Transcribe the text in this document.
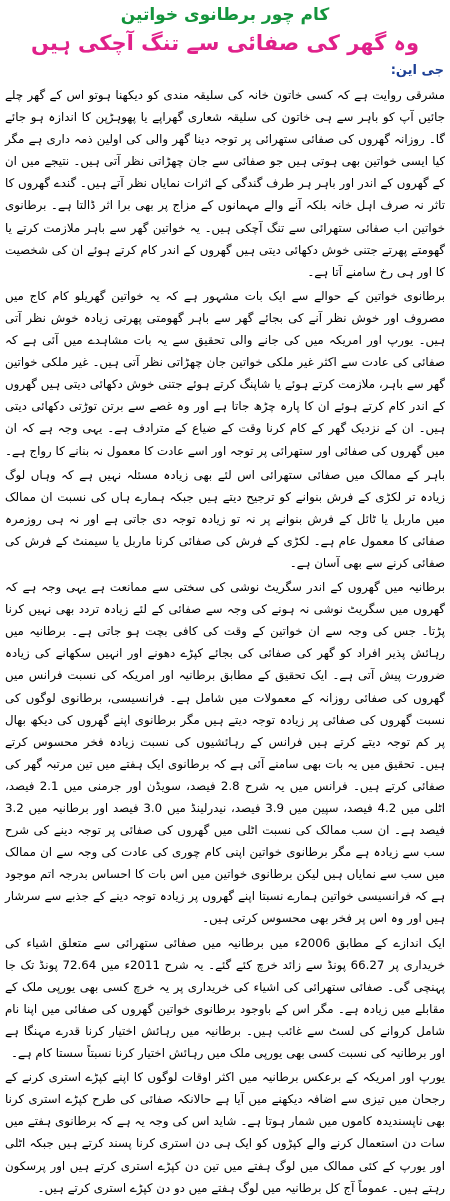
کام چور برطانوی خواتین
وہ گھر کی صفائی سے تنگ آچکی ہیں
جی این:

مشرقی روایت ہے کہ کسی خاتون خانہ کی سلیقہ مندی کو دیکھنا ہوتو اس کے گھر چلے جائیں آپ کو باہر سے ہی خاتون کی سلیقہ شعاری گھراپے یا پھوہڑپن کا اندازہ ہو جائے گا۔ روزانہ گھروں کی صفائی ستھرائی پر توجہ دینا گھر والی کی اولین ذمہ داری ہے مگر کیا ایسی خواتین بھی ہوتی ہیں جو صفائی سے جان چھڑاتی نظر آتی ہیں۔ نتیجے میں ان کے گھروں کے اندر اور باہر ہر طرف گندگی کے اثرات نمایاں نظر آتے ہیں۔ گندے گھروں کا تاثر نہ صرف اہل خانہ بلکہ آنے والے مہمانوں کے مزاج پر بھی برا اثر ڈالتا ہے۔ برطانوی خواتین اب صفائی ستھرائی سے تنگ آچکی ہیں۔ یہ خواتین گھر سے باہر ملازمت کرتے یا گھومتے پھرتے جتنی خوش دکھائی دیتی ہیں گھروں کے اندر کام کرتے ہوئے ان کی شخصیت کا اور ہی رخ سامنے آتا ہے۔

برطانوی خواتین کے حوالے سے ایک بات مشہور ہے کہ یہ خواتین گھریلو کام کاج میں مصروف اور خوش نظر آنے کی بجائے گھر سے باہر گھومتی پھرتی زیادہ خوش نظر آتی ہیں۔ یورپ اور امریکہ میں کی جانے والی تحقیق سے یہ بات مشاہدے میں آئی ہے کہ صفائی کی عادت سے اکثر غیر ملکی خواتین جان چھڑاتی نظر آتی ہیں۔ غیر ملکی خواتین گھر سے باہر، ملازمت کرتے ہوئے یا شاپنگ کرتے ہوئے جتنی خوش دکھائی دیتی ہیں گھروں کے اندر کام کرتے ہوئے ان کا پارہ چڑھ جاتا ہے اور وہ غصے سے برتن توڑتی دکھائی دیتی ہیں۔ ان کے نزدیک گھر کے کام کرنا وقت کے ضیاع کے مترادف ہے۔ یہی وجہ ہے کہ ان میں گھروں کی صفائی اور ستھرائی پر توجہ اور اسے عادت کا معمول نہ بنانے کا رواج ہے۔

باہر کے ممالک میں صفائی ستھرائی اس لئے بھی زیادہ مسئلہ نہیں ہے کہ وہاں لوگ زیادہ تر لکڑی کے فرش بنوانے کو ترجیح دیتے ہیں جبکہ ہمارے ہاں کی نسبت ان ممالک میں ماربل یا ٹائل کے فرش بنوانے پر نہ تو زیادہ توجہ دی جاتی ہے اور نہ ہی روزمرہ صفائی کا معمول عام ہے۔ لکڑی کے فرش کی صفائی کرنا ماربل یا سیمنٹ کے فرش کی صفائی کرنے سے بھی آسان ہے۔

برطانیہ میں گھروں کے اندر سگریٹ نوشی کی سختی سے ممانعت ہے یہی وجہ ہے کہ گھروں میں سگریٹ نوشی نہ ہونے کی وجہ سے صفائی کے لئے زیادہ تردد بھی نہیں کرنا پڑتا۔ جس کی وجہ سے ان خواتین کے وقت کی کافی بچت ہو جاتی ہے۔ برطانیہ میں رہائش پذیر افراد کو گھر کی صفائی کی بجائے کپڑے دھونے اور انہیں سکھانے کی زیادہ ضرورت پیش آتی ہے۔ ایک تحقیق کے مطابق برطانیہ اور امریکہ کی نسبت فرانس میں گھروں کی صفائی روزانہ کے معمولات میں شامل ہے۔ فرانسیسی، برطانوی لوگوں کی نسبت گھروں کی صفائی پر زیادہ توجہ دیتے ہیں مگر برطانوی اپنے گھروں کی دیکھ بھال پر کم توجہ دیتے کرتے ہیں فرانس کے رہائشیوں کی نسبت زیادہ فخر محسوس کرتے ہیں۔ تحقیق میں یہ بات بھی سامنے آئی ہے کہ برطانوی ایک ہفتے میں تین مرتبہ گھر کی صفائی کرتے ہیں۔ فرانس میں یہ شرح 2.8 فیصد، سویڈن اور جرمنی میں 2.1 فیصد، اٹلی میں 4.2 فیصد، سپین میں 3.9 فیصد، نیدرلینڈ میں 3.0 فیصد اور برطانیہ میں 3.2 فیصد ہے۔ ان سب ممالک کی نسبت اٹلی میں گھروں کی صفائی پر توجہ دینے کی شرح سب سے زیادہ ہے مگر برطانوی خواتین اپنی کام چوری کی عادت کی وجہ سے ان ممالک میں سب سے نمایاں ہیں لیکن برطانوی خواتین میں اس بات کا احساس بدرجہ اتم موجود ہے کہ فرانسیسی خواتین ہمارے نسبتا اپنے گھروں پر زیادہ توجہ دینے کے جذبے سے سرشار ہیں اور وہ اس پر فخر بھی محسوس کرتی ہیں۔

ایک اندازے کے مطابق 2006ء میں برطانیہ میں صفائی ستھرائی سے متعلق اشیاء کی خریداری پر 66.27 پونڈ سے زائد خرچ کئے گئے۔ یہ شرح 2011ء میں 72.64 پونڈ تک جا پہنچی گی۔ صفائی ستھرائی کی اشیاء کی خریداری پر یہ خرچ کسی بھی یورپی ملک کے مقابلے میں زیادہ ہے۔ مگر اس کے باوجود برطانوی خواتین گھروں کی صفائی میں اپنا نام شامل کروانے کی لسٹ سے غائب ہیں۔ برطانیہ میں رہائش اختیار کرنا قدرے مہنگا ہے اور برطانیہ کی نسبت کسی بھی یورپی ملک میں رہائش اختیار کرنا نسبتاً سستا کام ہے۔

یورپ اور امریکہ کے برعکس برطانیہ میں اکثر اوقات لوگوں کا اپنے کپڑے استری کرنے کے رجحان میں تیزی سے اضافہ دیکھنے میں آیا ہے حالانکہ صفائی کی طرح کپڑے استری کرنا بھی ناپسندیدہ کاموں میں شمار ہوتا ہے۔ شاید اس کی وجہ یہ ہے کہ برطانوی ہفتے میں سات دن استعمال کرنے والے کپڑوں کو ایک ہی دن استری کرنا پسند کرتے ہیں جبکہ اٹلی اور یورپ کے کئی ممالک میں لوگ ہفتے میں تین دن کپڑے استری کرتے ہیں اور پرسکون رہتے ہیں۔ عموماً آج کل برطانیہ میں لوگ ہفتے میں دو دن کپڑے استری کرتے ہیں۔
